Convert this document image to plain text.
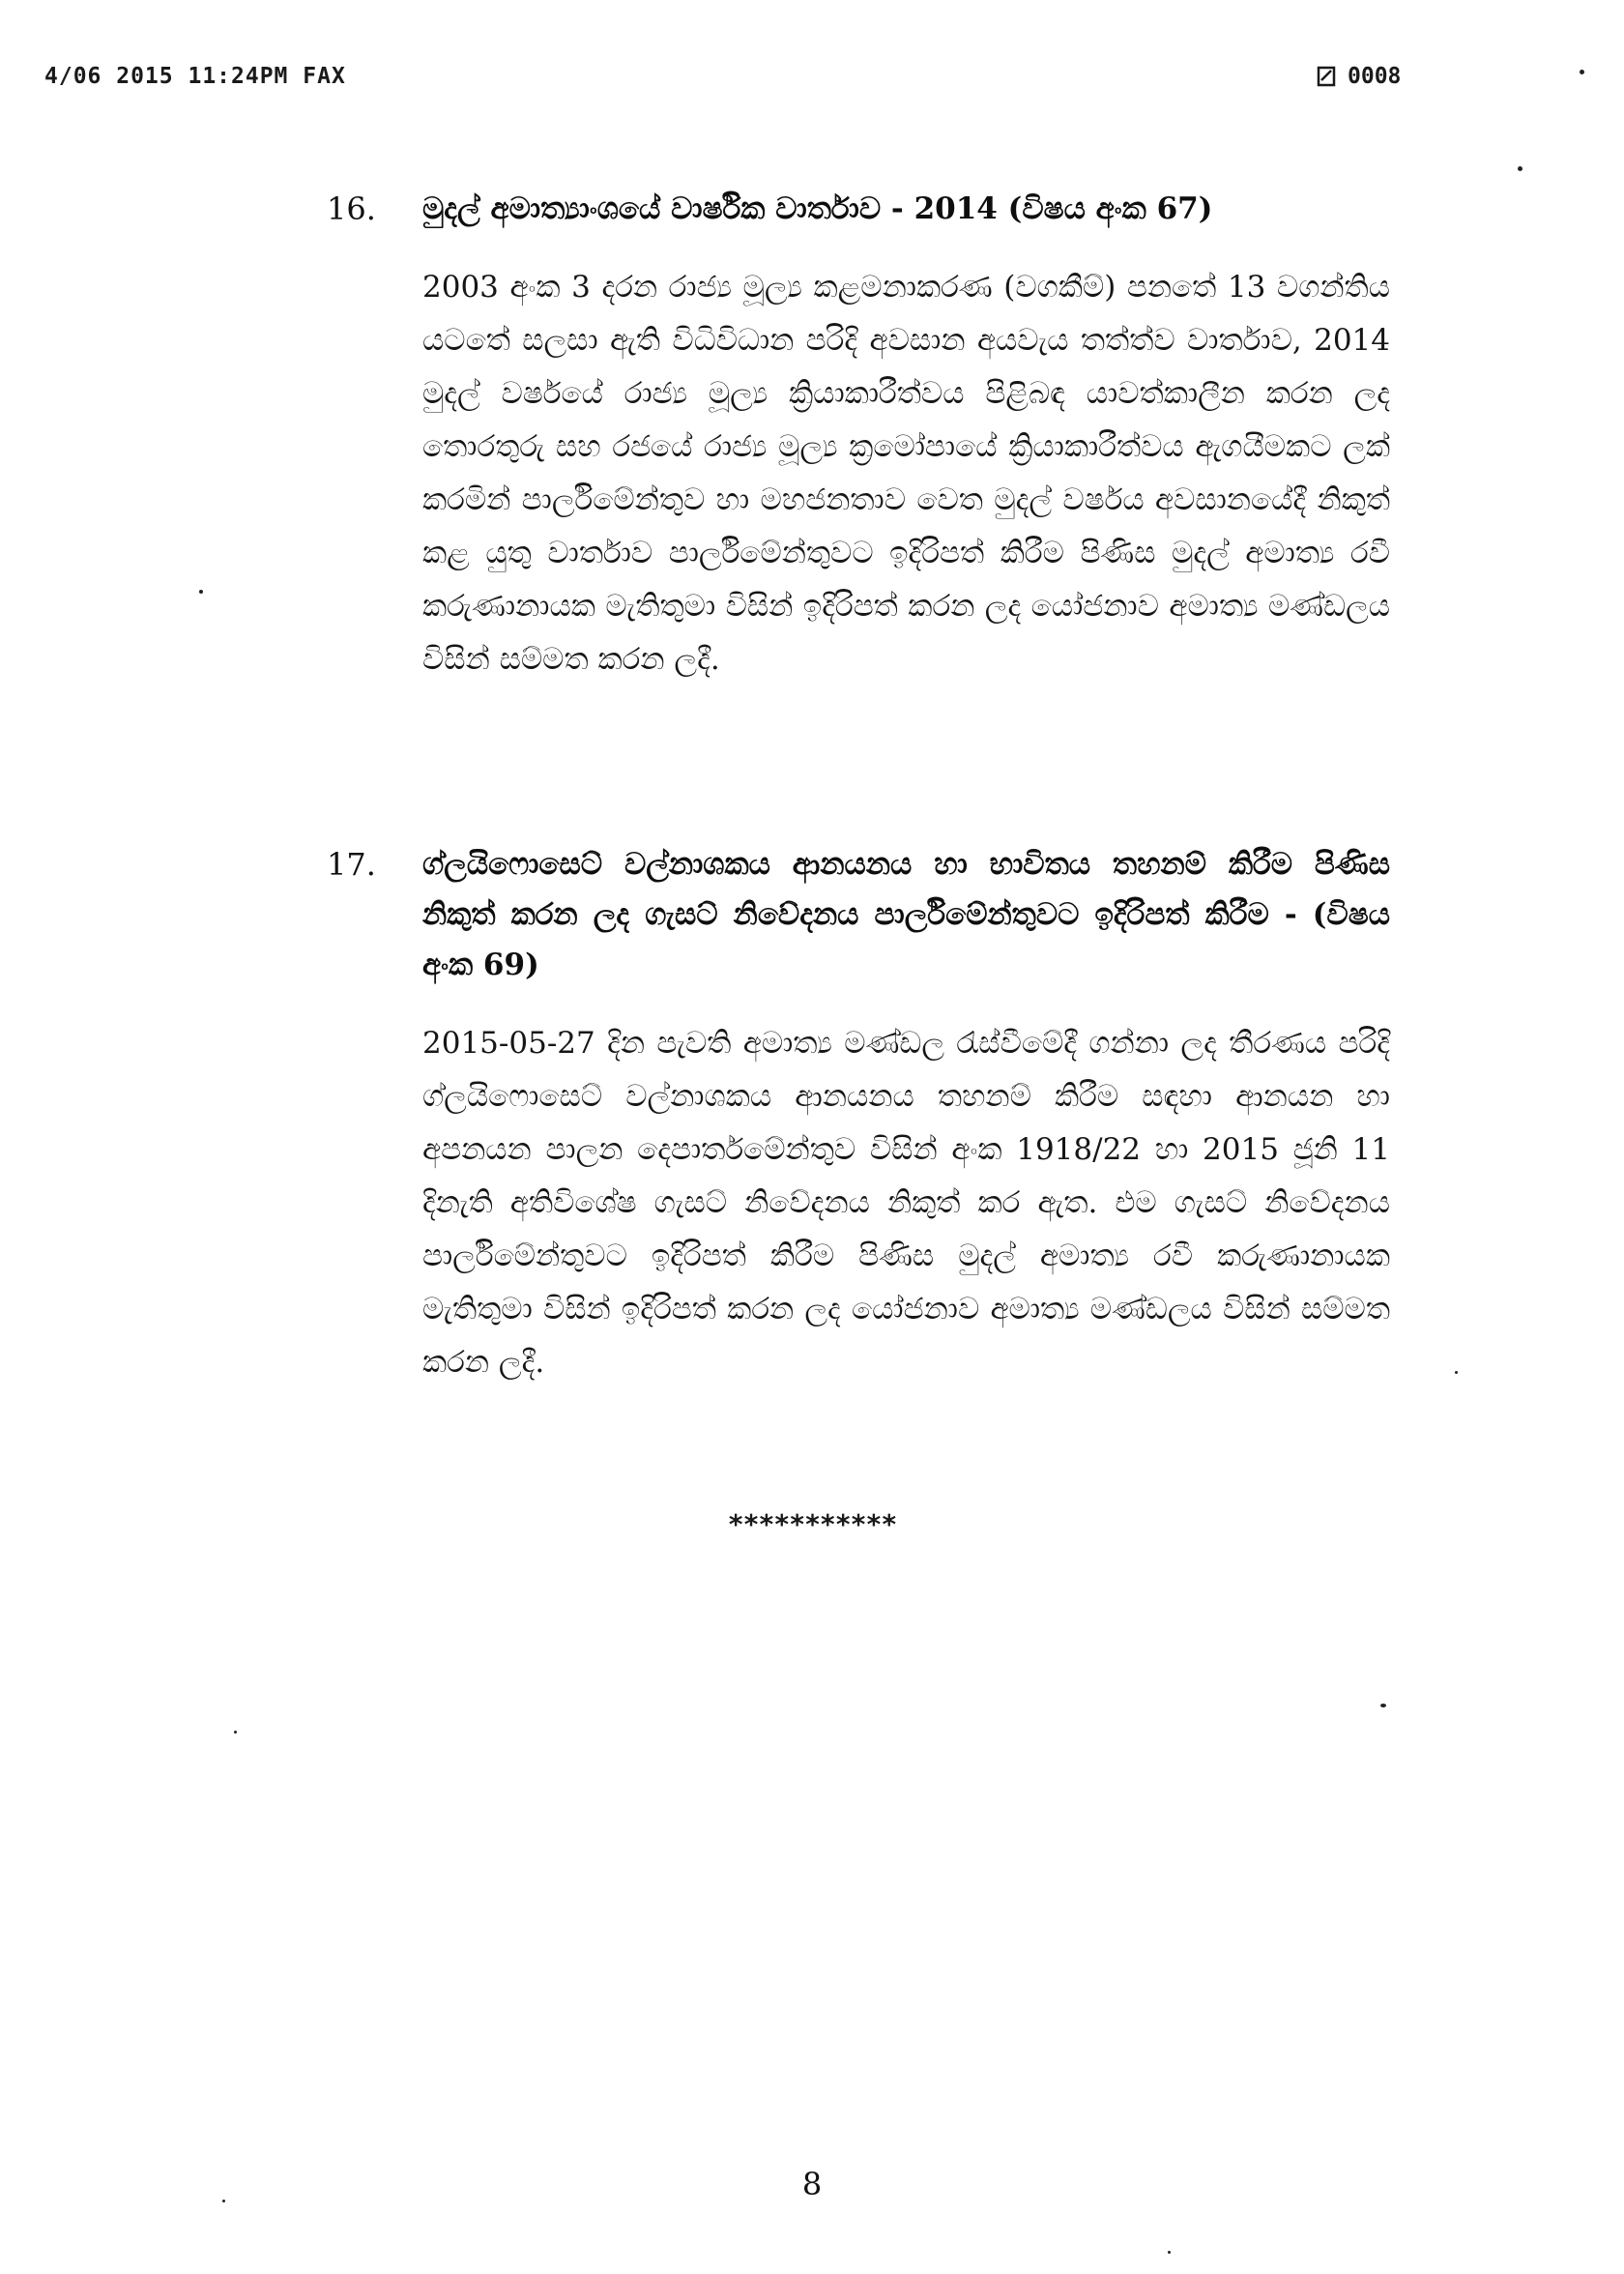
4/06 2015 11:24PM FAX	0008
16. මුදල් අමාත්‍යාංශයේ වාර්ෂික වාර්තාව - 2014 (විෂය අංක 67)
2003 අංක 3 දරන රාජ්‍ය මූල්‍ය කළමනාකරණ (වගකීම්) පනතේ 13 වගන්තිය යටතේ සලසා ඇති විධිවිධාන පරිදි අවසාන අයවැය තත්ත්ව වාර්තාව, 2014 මුදල් වර්ෂයේ රාජ්‍ය මූල්‍ය ක්‍රියාකාරීත්වය පිළිබඳ යාවත්කාලීන කරන ලද තොරතුරු සහ රජයේ රාජ්‍ය මූල්‍ය ක්‍රමෝපායේ ක්‍රියාකාරීත්වය ඇගයීමකට ලක් කරමින් පාර්ලිමේන්තුව හා මහජනතාව වෙත මුදල් වර්ෂය අවසානයේදී නිකුත් කළ යුතු වාර්තාව පාර්ලිමේන්තුවට ඉදිරිපත් කිරීම පිණිස මුදල් අමාත්‍ය රවී කරුණානායක මැතිතුමා විසින් ඉදිරිපත් කරන ලද යෝජනාව අමාත්‍ය මණ්ඩලය විසින් සම්මත කරන ලදී.
17. ග්ලයිෆොසෙට් වල්නාශකය ආනයනය හා භාවිතය තහනම් කිරීම පිණිස නිකුත් කරන ලද ගැසට් නිවේදනය පාර්ලිමේන්තුවට ඉදිරිපත් කිරීම - (විෂය අංක 69)
2015-05-27 දින පැවති අමාත්‍ය මණ්ඩල රැස්වීමේදී ගන්නා ලද තීරණය පරිදි ග්ලයිෆොසෙට් වල්නාශකය ආනයනය තහනම් කිරීම සඳහා ආනයන හා අපනයන පාලන දෙපාර්තමේන්තුව විසින් අංක 1918/22 හා 2015 ජූනි 11 දිනැති අතිවිශේෂ ගැසට් නිවේදනය නිකුත් කර ඇත. එම ගැසට් නිවේදනය පාර්ලිමේන්තුවට ඉදිරිපත් කිරීම පිණිස මුදල් අමාත්‍ය රවී කරුණානායක මැතිතුමා විසින් ඉදිරිපත් කරන ලද යෝජනාව අමාත්‍ය මණ්ඩලය විසින් සම්මත කරන ලදී.
***********
8
